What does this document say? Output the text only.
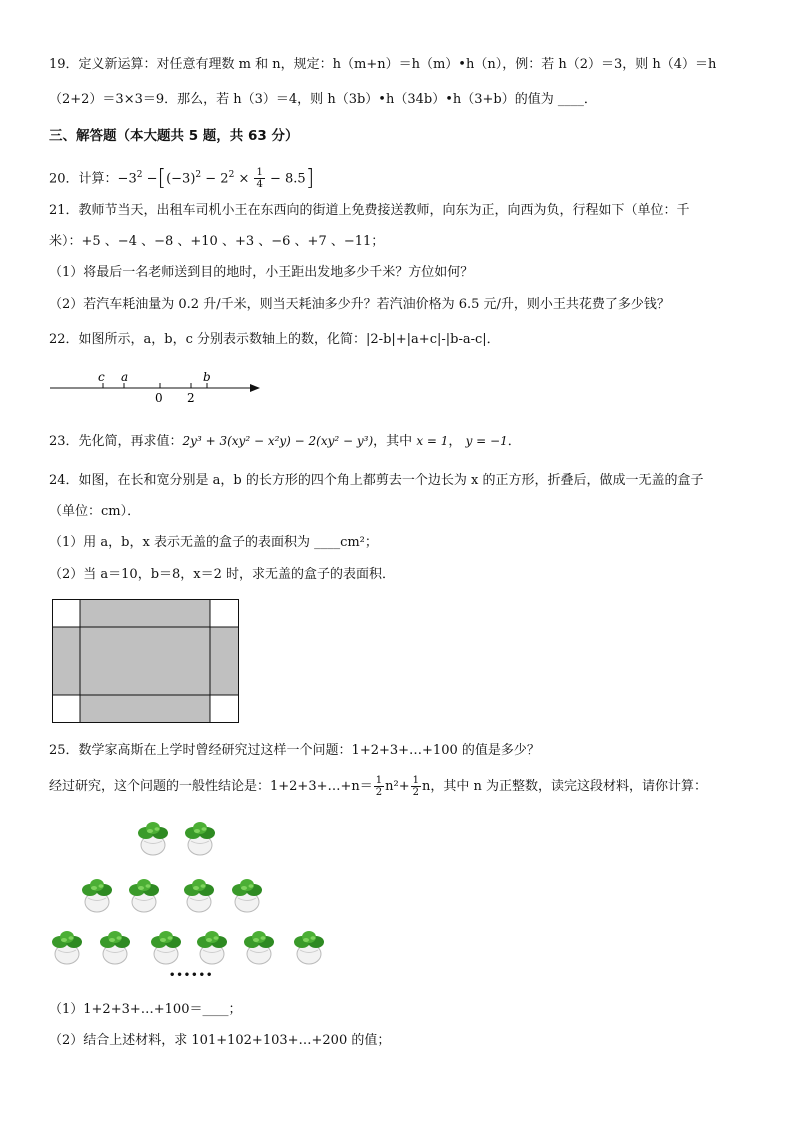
19．定义新运算：对任意有理数 m 和 n，规定：h（m+n）＝h（m）•h（n），例：若 h（2）＝3，则 h（4）＝h
（2+2）＝3×3＝9．那么，若 h（3）＝4，则 h（3b）•h（34b）•h（3+b）的值为 ____．
三、解答题（本大题共 5 题，共 63 分）
20．计算：$-3^2 -[(-3)^2 - 2^2 \times \frac{1}{4} - 8.5]$
21．教师节当天，出租车司机小王在东西向的街道上免费接送教师，向东为正，向西为负，行程如下（单位：千
米）：+5 、−4 、−8 、+10 、+3 、−6 、+7 、−11；
（1）将最后一名老师送到目的地时，小王距出发地多少千米？方位如何？
（2）若汽车耗油量为 0.2 升/千米，则当天耗油多少升？若汽油价格为 6.5 元/升，则小王共花费了多少钱？
22．如图所示，a，b，c 分别表示数轴上的数，化简：|2-b|+|a+c|-|b-a-c|．
c a
0 2
b
23．先化简，再求值：2y³ + 3(xy² − x²y) − 2(xy² − y³)，其中 x = 1， y = −1．
24．如图，在长和宽分别是 a，b 的长方形的四个角上都剪去一个边长为 x 的正方形，折叠后，做成一无盖的盒子
（单位：cm）．
（1）用 a，b，x 表示无盖的盒子的表面积为 ____cm²；
（2）当 a＝10，b＝8，x＝2 时，求无盖的盒子的表面积．
25．数学家高斯在上学时曾经研究过这样一个问题：1+2+3+…+100 的值是多少？
经过研究，这个问题的一般性结论是：1+2+3+…+n＝ $\frac{1}{2} n^2+ \frac{1}{2}$ n，其中 n 为正整数，读完这段材料，请你计算：
••••••
（1）1+2+3+…+100＝____；
（2）结合上述材料，求 101+102+103+…+200 的值；
